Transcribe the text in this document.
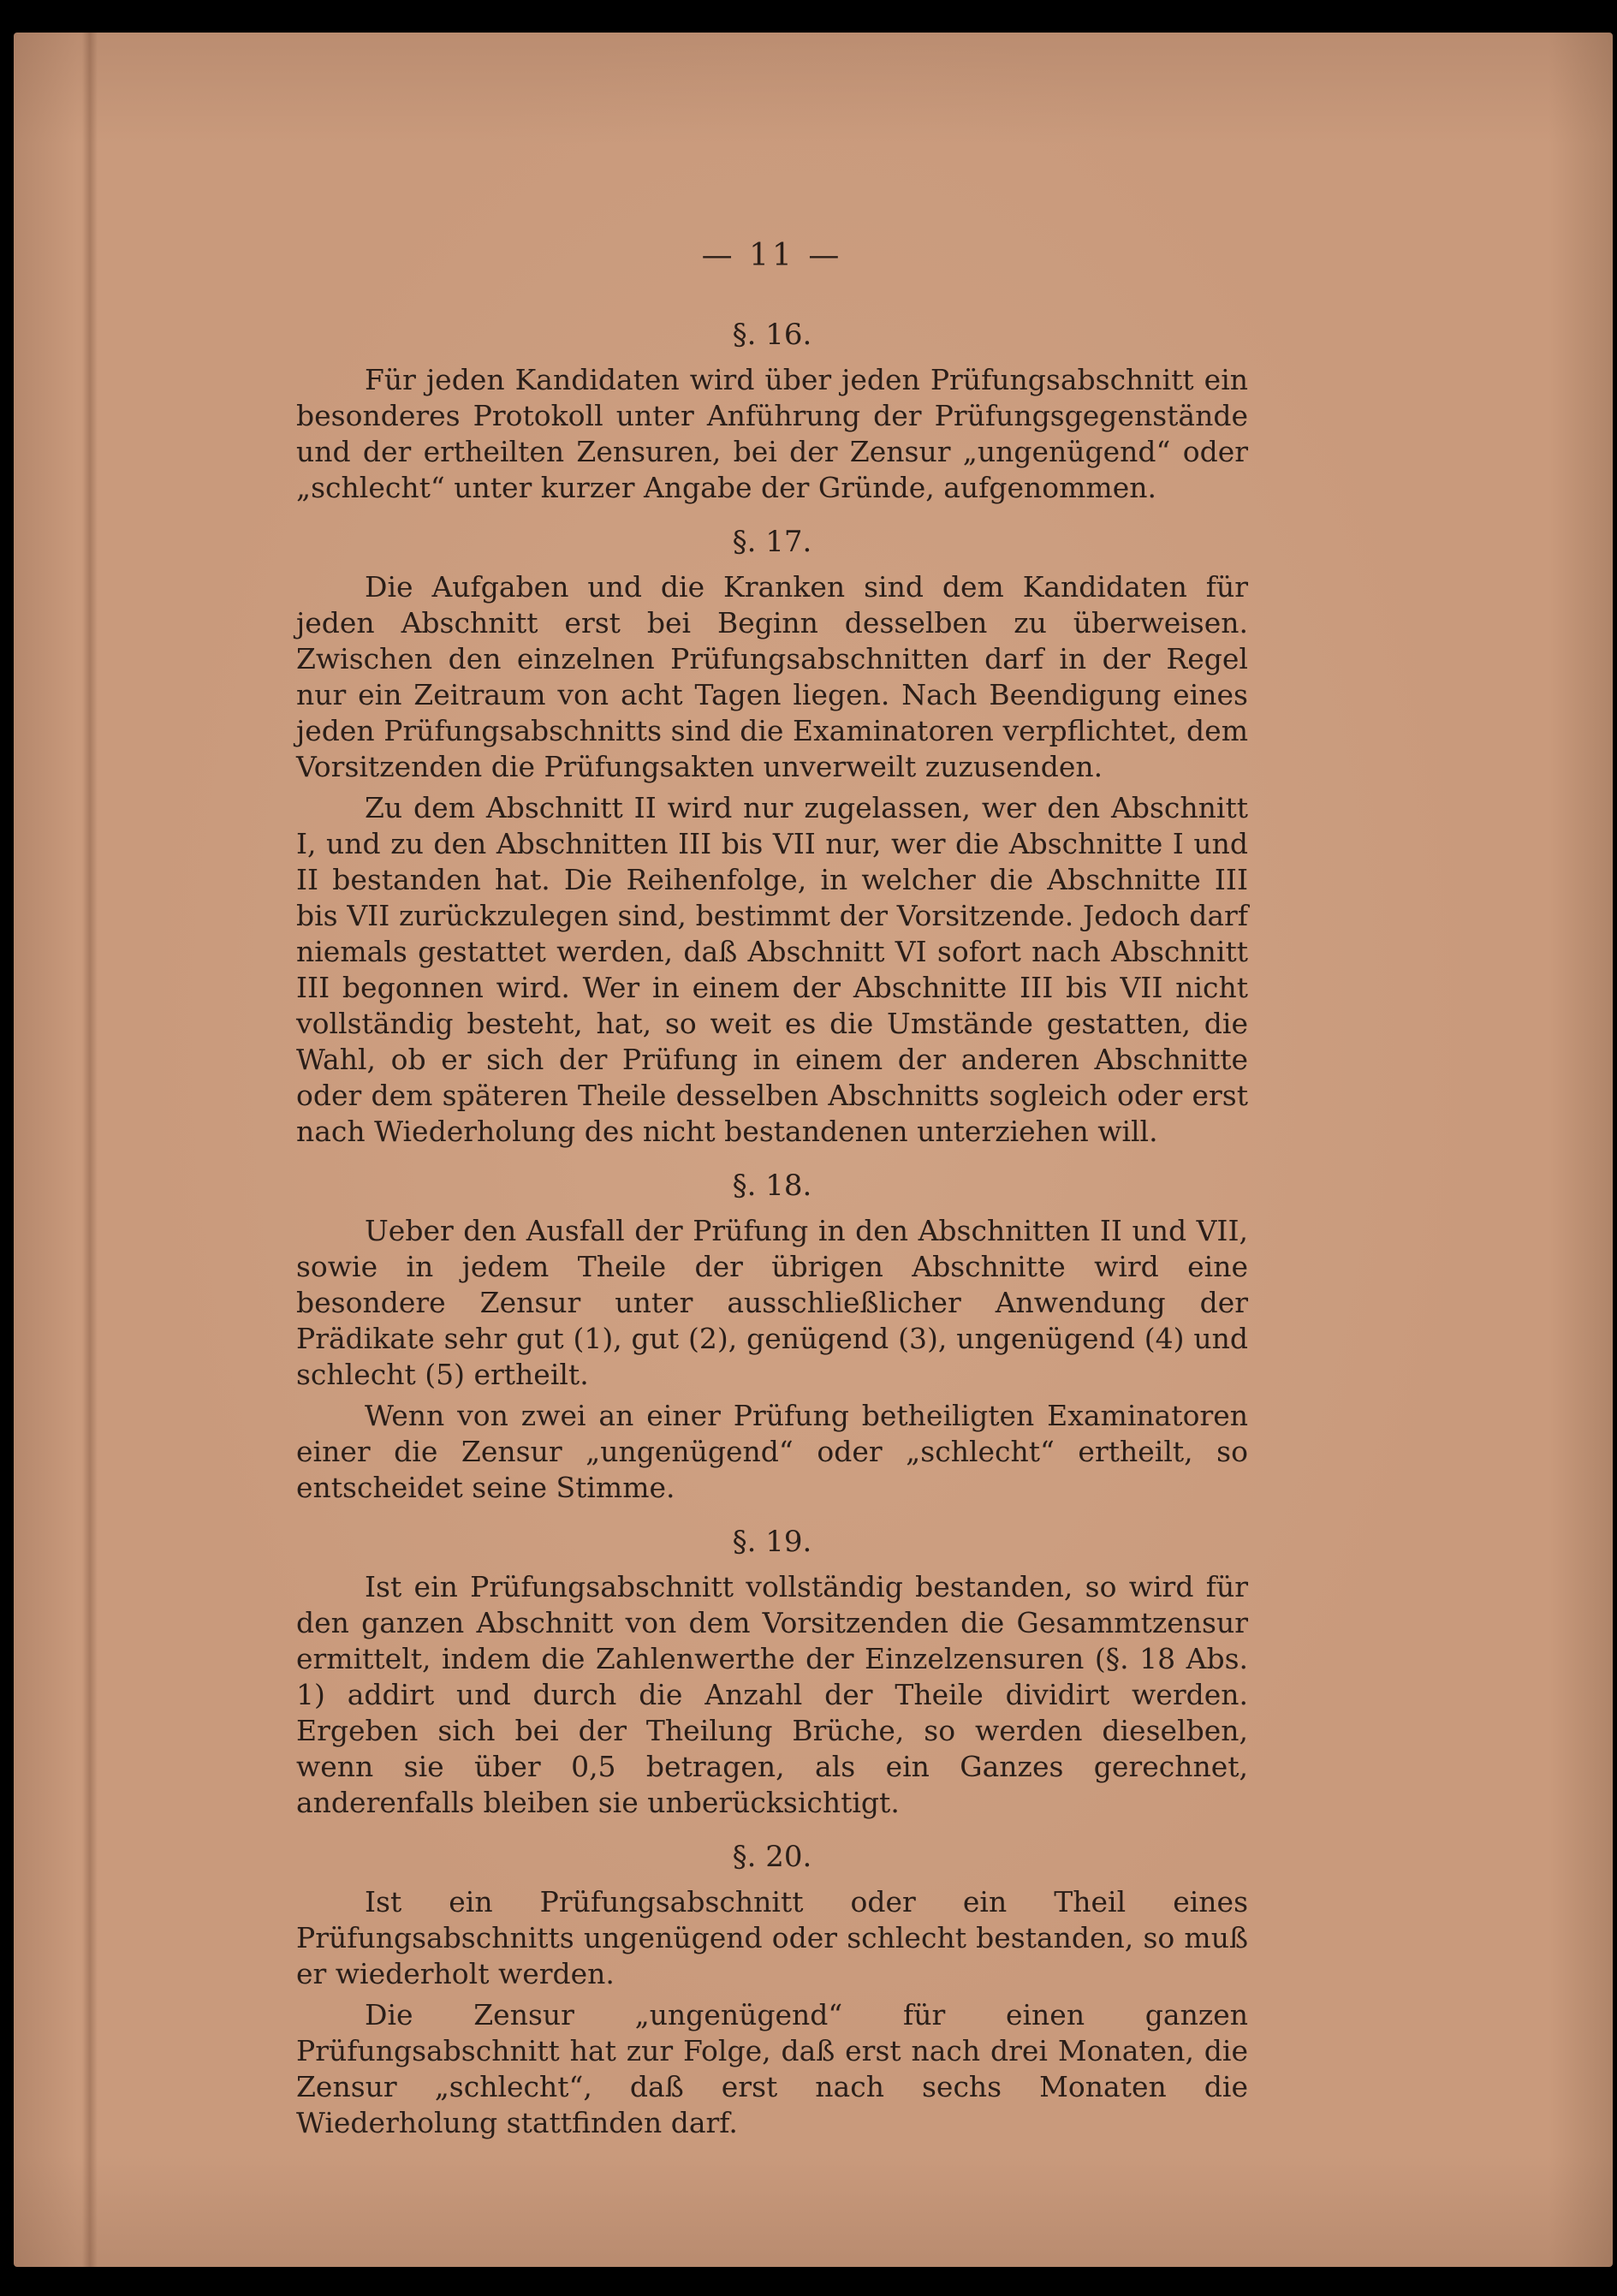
— 11 —
§. 16.

Für jeden Kandidaten wird über jeden Prüfungsabschnitt ein besonderes Protokoll unter Anführung der Prüfungsgegenstände und der ertheilten Zensuren, bei der Zensur „ungenügend“ oder „schlecht“ unter kurzer Angabe der Gründe, aufgenommen.

§. 17.

Die Aufgaben und die Kranken sind dem Kandidaten für jeden Abschnitt erst bei Beginn desselben zu überweisen. Zwischen den einzelnen Prüfungsabschnitten darf in der Regel nur ein Zeitraum von acht Tagen liegen. Nach Beendigung eines jeden Prüfungsabschnitts sind die Examinatoren verpflichtet, dem Vorsitzenden die Prüfungsakten unverweilt zuzusenden.

Zu dem Abschnitt II wird nur zugelassen, wer den Abschnitt I, und zu den Abschnitten III bis VII nur, wer die Abschnitte I und II bestanden hat. Die Reihenfolge, in welcher die Abschnitte III bis VII zurückzulegen sind, bestimmt der Vorsitzende. Jedoch darf niemals gestattet werden, daß Abschnitt VI sofort nach Abschnitt III begonnen wird. Wer in einem der Abschnitte III bis VII nicht vollständig besteht, hat, so weit es die Umstände gestatten, die Wahl, ob er sich der Prüfung in einem der anderen Abschnitte oder dem späteren Theile desselben Abschnitts sogleich oder erst nach Wiederholung des nicht bestandenen unterziehen will.

§. 18.

Ueber den Ausfall der Prüfung in den Abschnitten II und VII, sowie in jedem Theile der übrigen Abschnitte wird eine besondere Zensur unter ausschließlicher Anwendung der Prädikate sehr gut (1), gut (2), genügend (3), ungenügend (4) und schlecht (5) ertheilt.

Wenn von zwei an einer Prüfung betheiligten Examinatoren einer die Zensur „ungenügend“ oder „schlecht“ ertheilt, so entscheidet seine Stimme.

§. 19.

Ist ein Prüfungsabschnitt vollständig bestanden, so wird für den ganzen Abschnitt von dem Vorsitzenden die Gesammtzensur ermittelt, indem die Zahlenwerthe der Einzelzensuren (§. 18 Abs. 1) addirt und durch die Anzahl der Theile dividirt werden. Ergeben sich bei der Theilung Brüche, so werden dieselben, wenn sie über 0,5 betragen, als ein Ganzes gerechnet, anderenfalls bleiben sie unberücksichtigt.

§. 20.

Ist ein Prüfungsabschnitt oder ein Theil eines Prüfungsabschnitts ungenügend oder schlecht bestanden, so muß er wiederholt werden.

Die Zensur „ungenügend“ für einen ganzen Prüfungsabschnitt hat zur Folge, daß erst nach drei Monaten, die Zensur „schlecht“, daß erst nach sechs Monaten die Wiederholung stattfinden darf.
